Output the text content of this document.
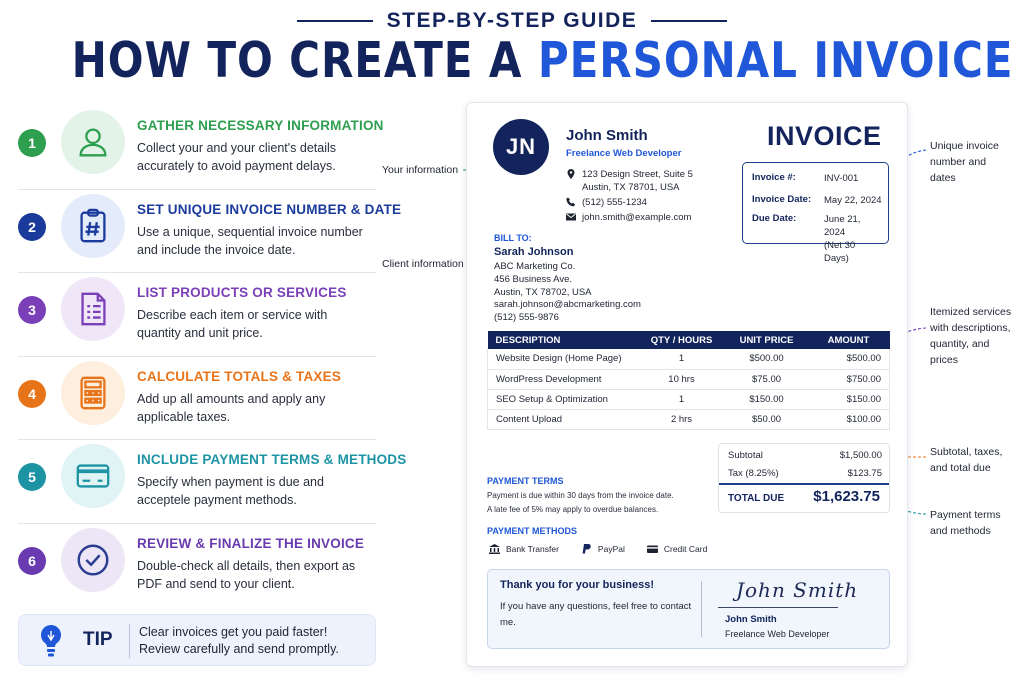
STEP-BY-STEP GUIDE
HOW TO CREATE A PERSONAL INVOICE
1
GATHER NECESSARY INFORMATION
Collect your and your client's details accurately to avoid payment delays.
2
SET UNIQUE INVOICE NUMBER & DATE
Use a unique, sequential invoice number and include the invoice date.
3
LIST PRODUCTS OR SERVICES
Describe each item or service with quantity and unit price.
4
CALCULATE TOTALS & TAXES
Add up all amounts and apply any applicable taxes.
5
INCLUDE PAYMENT TERMS & METHODS
Specify when payment is due and acceptele payment methods.
6
REVIEW & FINALIZE THE INVOICE
Double-check all details, then export as PDF and send to your client.
TIP Clear invoices get you paid faster!
Review carefully and send promptly.
Your information
Client information
Unique invoice
number and
dates
Itemized services
with descriptions,
quantity, and
prices
Subtotal, taxes,
and total due
Payment terms
and methods
JN	John Smith
Freelance Web Developer
123 Design Street, Suite 5
Austin, TX 78701, USA
(512) 555-1234
john.smith@example.com
INVOICE
Invoice #:	INV-001
Invoice Date: May 22, 2024
Due Date:	June 21, 2024
(Net 30 Days)
BILL TO:
Sarah Johnson
ABC Marketing Co.
456 Business Ave.
Austin, TX 78702, USA
sarah.johnson@abcmarketing.com
(512) 555-9876
DESCRIPTION	QTY / HOURS	UNIT PRICE	AMOUNT
Website Design (Home Page)	1	$500.00	$500.00
WordPress Development	10 hrs	$75.00	$750.00
SEO Setup & Optimization	1	$150.00	$150.00
Content Upload	2 hrs	$50.00	$100.00
Subtotal	$1,500.00
Tax (8.25%)	$123.75
TOTAL DUE $1,623.75
PAYMENT TERMS
Payment is due within 30 days from the invoice date.
A late fee of 5% may apply to overdue balances.
PAYMENT METHODS
Bank Transfer	PayPal	Credit Card
Thank you for your business!
If you have any questions, feel free to contact me.
John Smith
John Smith
Freelance Web Developer
